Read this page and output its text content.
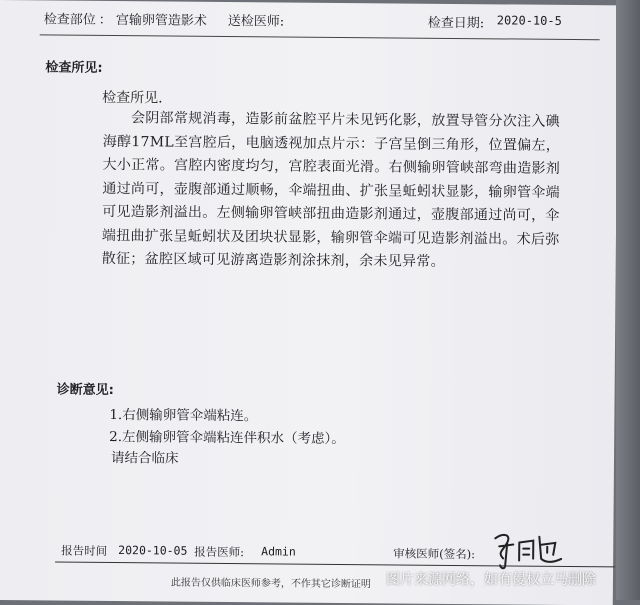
检查部位 ： 宫输卵管造影术 送检医师:	检查日期: 2020-10-5
检查所见:
检查所见.
会阴部常规消毒，造影前盆腔平片未见钙化影，放置导管分次注入碘海醇17ML至宫腔后，电脑透视加点片示：子宫呈倒三角形，位置偏左，大小正常。宫腔内密度均匀，宫腔表面光滑。右侧输卵管峡部弯曲造影剂通过尚可，壶腹部通过顺畅，伞端扭曲、扩张呈蚯蚓状显影，输卵管伞端可见造影剂溢出。左侧输卵管峡部扭曲造影剂通过，壶腹部通过尚可，伞端扭曲扩张呈蚯蚓状及团块状显影，输卵管伞端可见造影剂溢出。术后弥散征；盆腔区域可见游离造影剂涂抹剂，余未见异常。
诊断意见:
1.右侧输卵管伞端粘连。
2.左侧输卵管伞端粘连伴积水（考虑）。
请结合临床
报告时间 2020-10-05 报告医师: Admin	审核医师(签名):
此报告仅供临床医师参考，不作其它诊断证明 图片来源网络，如有侵权立马删除
